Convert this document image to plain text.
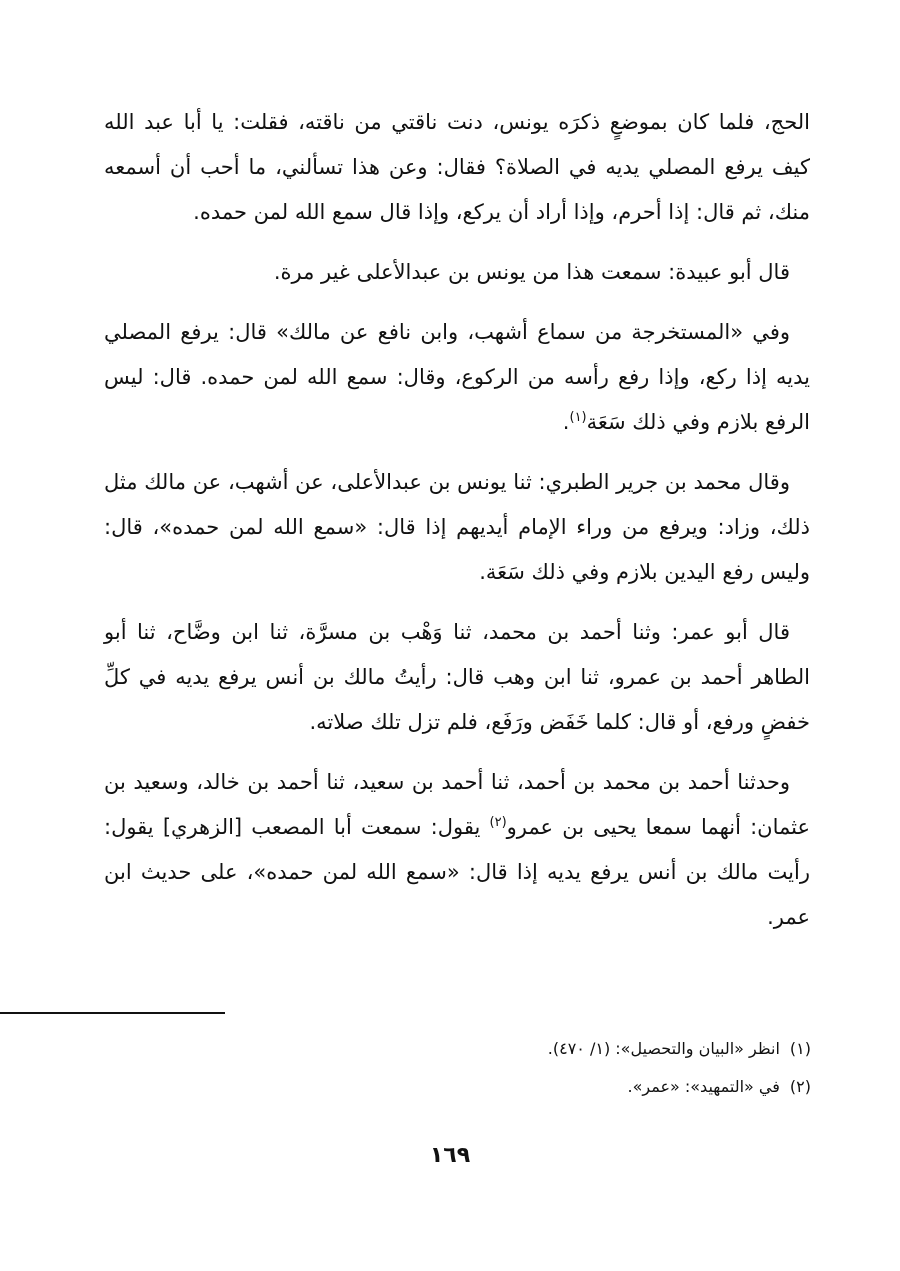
الحج، فلما كان بموضعٍ ذكرَه يونس، دنت ناقتي من ناقته، فقلت: يا أبا عبد الله كيف يرفع المصلي يديه في الصلاة؟ فقال: وعن هذا تسألني، ما أحب أن أسمعه منك، ثم قال: إذا أحرم، وإذا أراد أن يركع، وإذا قال سمع الله لمن حمده.

قال أبو عبيدة: سمعت هذا من يونس بن عبدالأعلى غير مرة.

وفي «المستخرجة من سماع أشهب، وابن نافع عن مالك» قال: يرفع المصلي يديه إذا ركع، وإذا رفع رأسه من الركوع، وقال: سمع الله لمن حمده. قال: ليس الرفع بلازم وفي ذلك سَعَة$^{(١)}$.

وقال محمد بن جرير الطبري: ثنا يونس بن عبدالأعلى، عن أشهب، عن مالك مثل ذلك، وزاد: ويرفع من وراء الإمام أيديهم إذا قال: «سمع الله لمن حمده»، قال: وليس رفع اليدين بلازم وفي ذلك سَعَة.

قال أبو عمر: وثنا أحمد بن محمد، ثنا وَهْب بن مسرَّة، ثنا ابن وضَّاح، ثنا أبو الطاهر أحمد بن عمرو، ثنا ابن وهب قال: رأيتُ مالك بن أنس يرفع يديه في كلِّ خفضٍ ورفع، أو قال: كلما خَفَض ورَفَع، فلم تزل تلك صلاته.

وحدثنا أحمد بن محمد بن أحمد، ثنا أحمد بن سعيد، ثنا أحمد بن خالد، وسعيد بن عثمان: أنهما سمعا يحيى بن عمرو$^{(٢)}$ يقول: سمعت أبا المصعب [الزهري] يقول: رأيت مالك بن أنس يرفع يديه إذا قال: «سمع الله لمن حمده»، على حديث ابن عمر.

(١)انظر «البيان والتحصيل»: (١/ ٤٧٠).
(٢)في «التمهيد»: «عمر».
١٦٩
